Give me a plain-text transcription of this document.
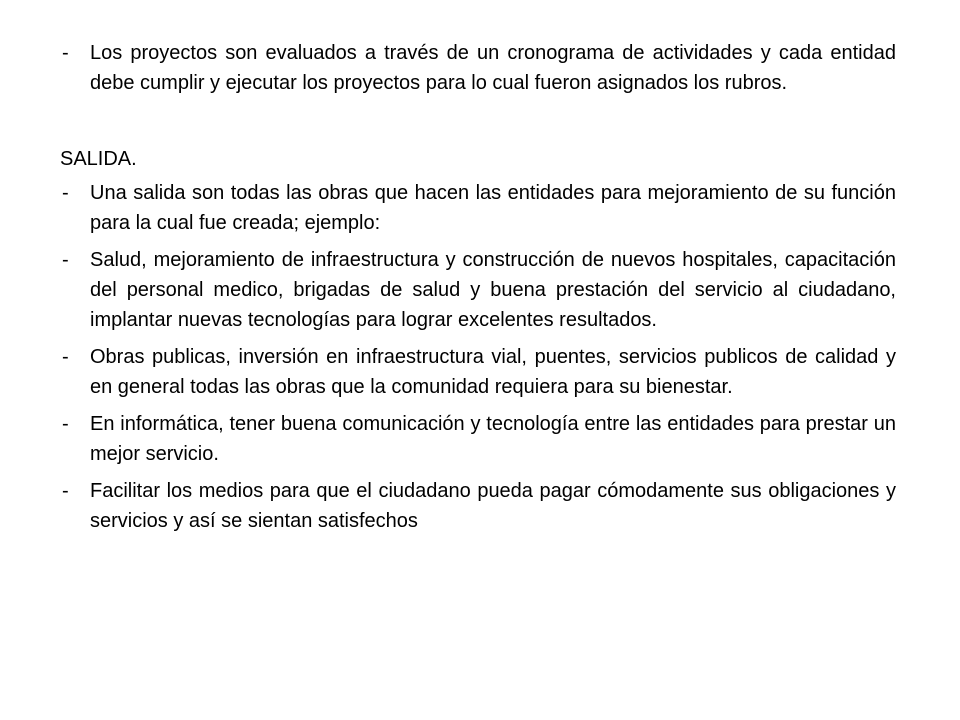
-	Los proyectos son evaluados a través de un cronograma de actividades y cada entidad debe cumplir y ejecutar los proyectos para lo cual fueron asignados los rubros.
SALIDA.
-	Una salida son todas las obras que hacen las entidades para mejoramiento de su función para la cual fue creada; ejemplo:
-	Salud, mejoramiento de infraestructura y construcción de nuevos hospitales, capacitación del personal medico, brigadas de salud y buena prestación del servicio al ciudadano, implantar nuevas tecnologías para lograr excelentes resultados.
-	Obras publicas, inversión en infraestructura vial, puentes, servicios publicos de calidad y en general todas las obras que la comunidad requiera para su bienestar.
-	En informática, tener buena comunicación y tecnología entre las entidades para prestar un mejor servicio.
-	Facilitar los medios para que el ciudadano pueda pagar cómodamente sus obligaciones y servicios y así se sientan satisfechos
